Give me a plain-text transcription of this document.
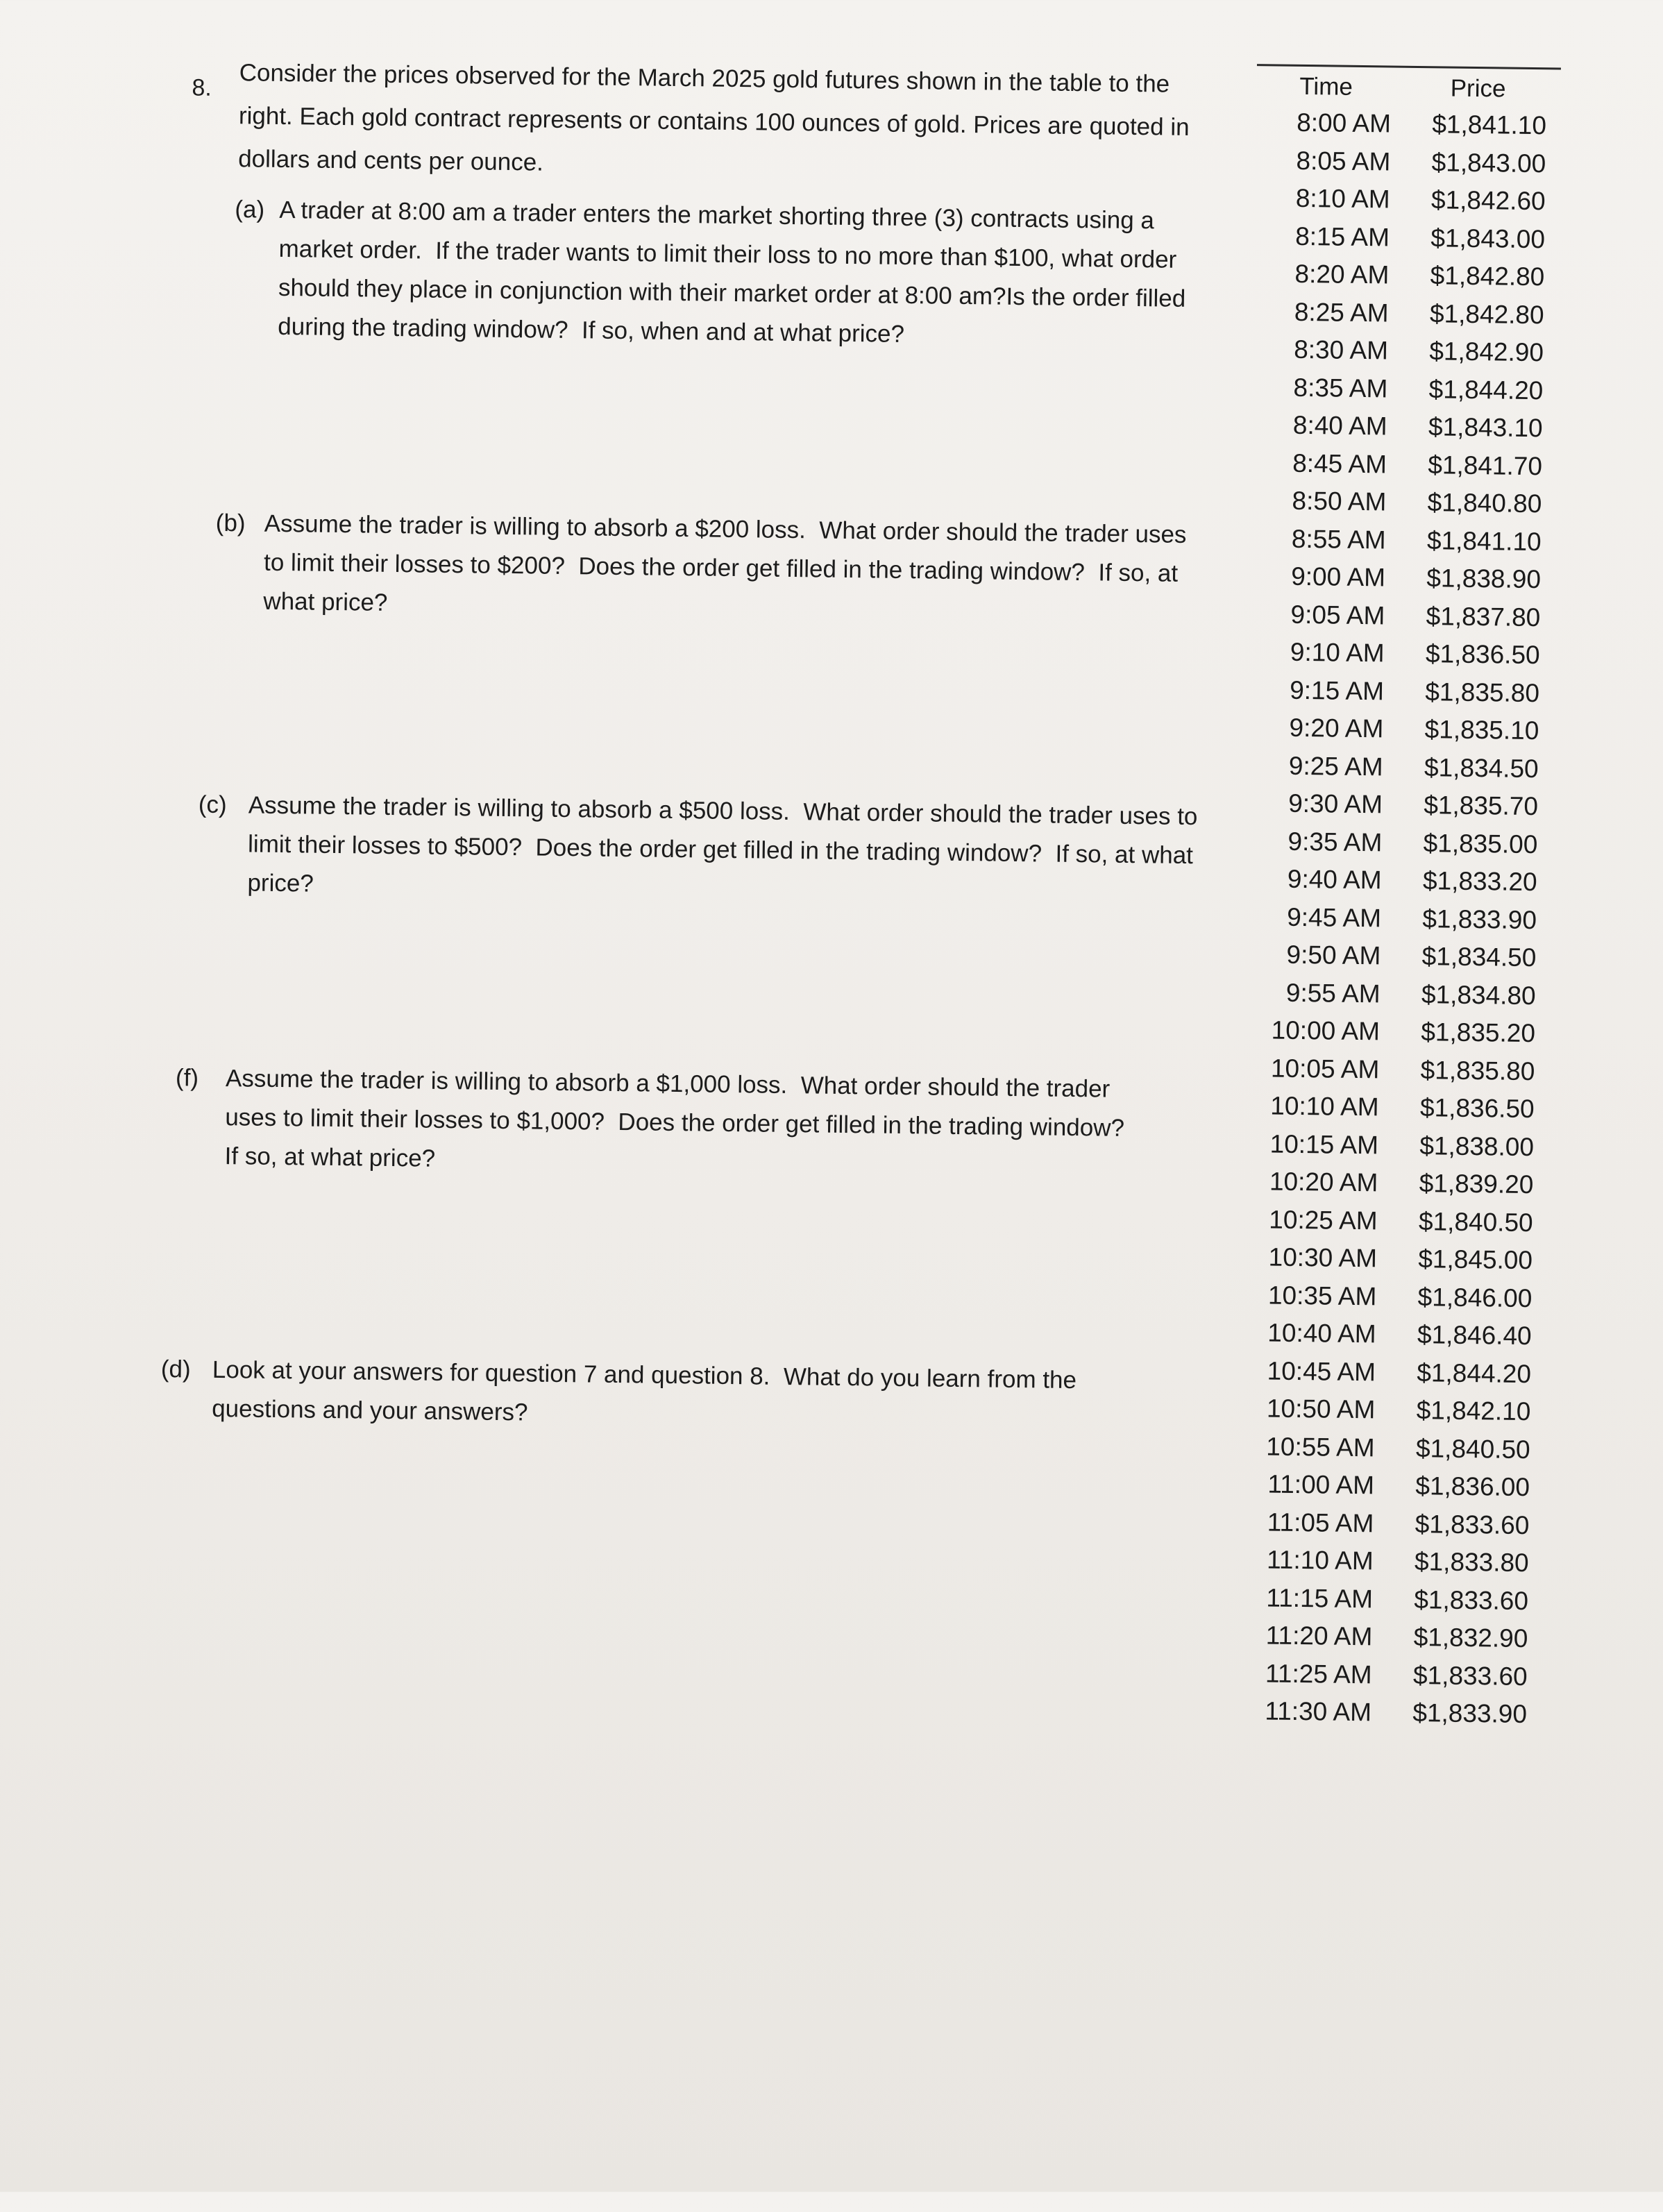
​
8. Consider the prices observed for the March 2025 gold futures shown in the table to the right. Each gold contract represents or contains 100 ounces of gold. Prices are quoted in dollars and cents per ounce.
(a) A trader at 8:00 am a trader enters the market shorting three (3) contracts using a market order.  If the trader wants to limit their loss to no more than $100, what order should they place in conjunction with their market order at 8:00 am?Is the order filled during the trading window?  If so, when and at what price?
(b) Assume the trader is willing to absorb a $200 loss.  What order should the trader uses to limit their losses to $200?  Does the order get filled in the trading window?  If so, at what price?
(c) Assume the trader is willing to absorb a $500 loss.  What order should the trader uses to limit their losses to $500?  Does the order get filled in the trading window?  If so, at what price?
(f) Assume the trader is willing to absorb a $1,000 loss.  What order should the trader uses to limit their losses to $1,000?  Does the order get filled in the trading window?  If so, at what price?
(d) Look at your answers for question 7 and question 8.  What do you learn from the questions and your answers?
Time	Price
8:00 AM	$1,841.10
8:05 AM	$1,843.00
8:10 AM	$1,842.60
8:15 AM	$1,843.00
8:20 AM	$1,842.80
8:25 AM	$1,842.80
8:30 AM	$1,842.90
8:35 AM	$1,844.20
8:40 AM	$1,843.10
8:45 AM	$1,841.70
8:50 AM	$1,840.80
8:55 AM	$1,841.10
9:00 AM	$1,838.90
9:05 AM	$1,837.80
9:10 AM	$1,836.50
9:15 AM	$1,835.80
9:20 AM	$1,835.10
9:25 AM	$1,834.50
9:30 AM	$1,835.70
9:35 AM	$1,835.00
9:40 AM	$1,833.20
9:45 AM	$1,833.90
9:50 AM	$1,834.50
9:55 AM	$1,834.80
10:00 AM	$1,835.20
10:05 AM	$1,835.80
10:10 AM	$1,836.50
10:15 AM	$1,838.00
10:20 AM	$1,839.20
10:25 AM	$1,840.50
10:30 AM	$1,845.00
10:35 AM	$1,846.00
10:40 AM	$1,846.40
10:45 AM	$1,844.20
10:50 AM	$1,842.10
10:55 AM	$1,840.50
11:00 AM	$1,836.00
11:05 AM	$1,833.60
11:10 AM	$1,833.80
11:15 AM	$1,833.60
11:20 AM	$1,832.90
11:25 AM	$1,833.60
11:30 AM	$1,833.90
